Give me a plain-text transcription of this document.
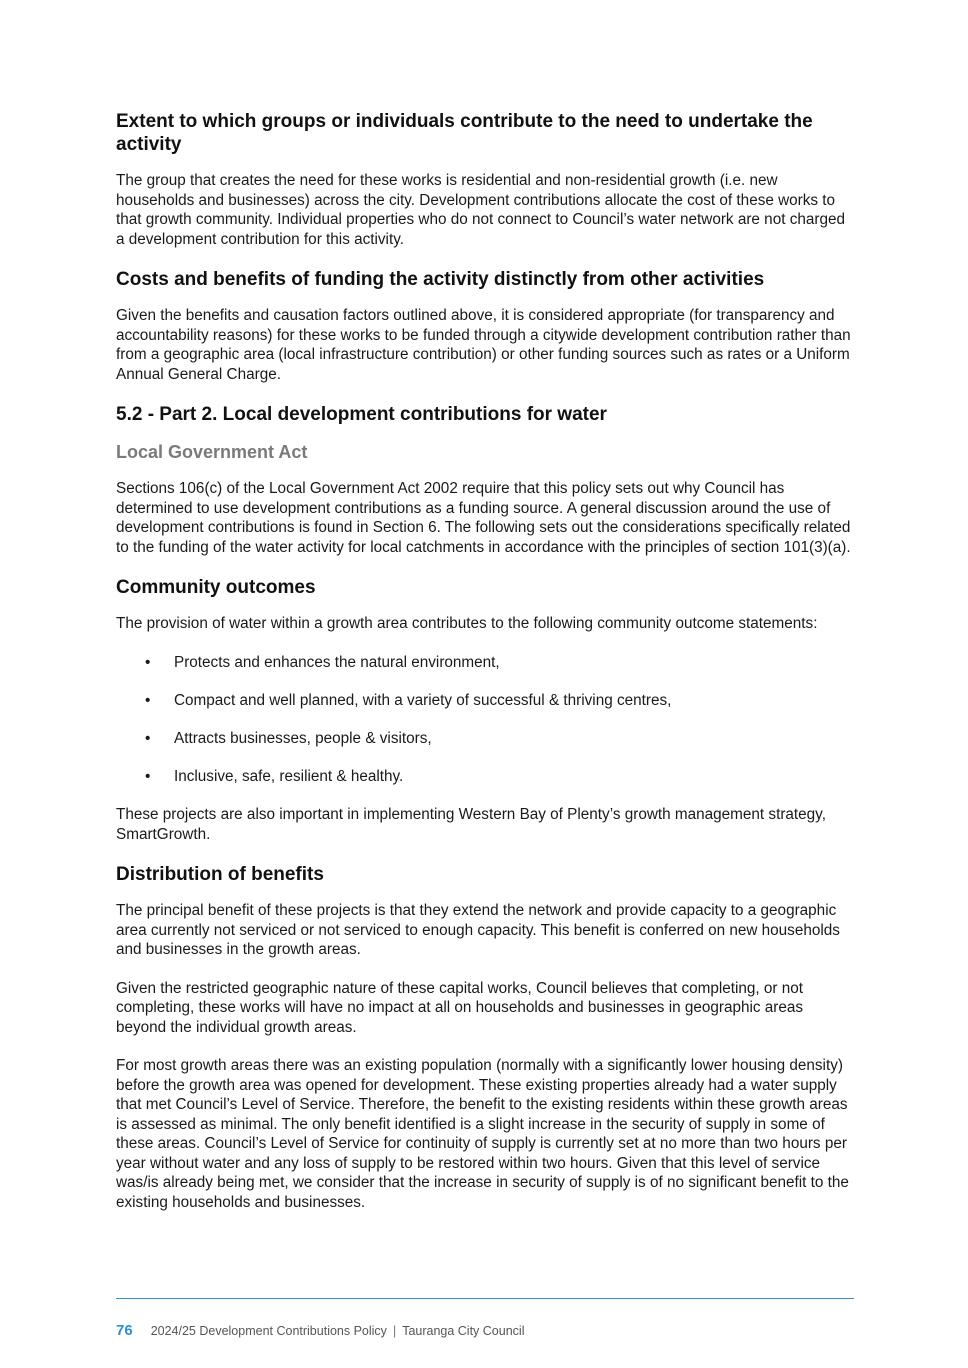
Extent to which groups or individuals contribute to the need to undertake the activity

The group that creates the need for these works is residential and non-residential growth (i.e. new households and businesses) across the city. Development contributions allocate the cost of these works to that growth community. Individual properties who do not connect to Council’s water network are not charged a development contribution for this activity.

Costs and benefits of funding the activity distinctly from other activities

Given the benefits and causation factors outlined above, it is considered appropriate (for transparency and accountability reasons) for these works to be funded through a citywide development contribution rather than from a geographic area (local infrastructure contribution) or other funding sources such as rates or a Uniform Annual General Charge.

5.2 - Part 2. Local development contributions for water
Local Government Act

Sections 106(c) of the Local Government Act 2002 require that this policy sets out why Council has determined to use development contributions as a funding source. A general discussion around the use of development contributions is found in Section 6. The following sets out the considerations specifically related to the funding of the water activity for local catchments in accordance with the principles of section 101(3)(a).

Community outcomes

The provision of water within a growth area contributes to the following community outcome statements:

• Protects and enhances the natural environment,
• Compact and well planned, with a variety of successful & thriving centres,
• Attracts businesses, people & visitors,
• Inclusive, safe, resilient & healthy.

These projects are also important in implementing Western Bay of Plenty’s growth management strategy, SmartGrowth.

Distribution of benefits

The principal benefit of these projects is that they extend the network and provide capacity to a geographic area currently not serviced or not serviced to enough capacity. This benefit is conferred on new households and businesses in the growth areas.

Given the restricted geographic nature of these capital works, Council believes that completing, or not completing, these works will have no impact at all on households and businesses in geographic areas beyond the individual growth areas.

For most growth areas there was an existing population (normally with a significantly lower housing density) before the growth area was opened for development. These existing properties already had a water supply that met Council’s Level of Service. Therefore, the benefit to the existing residents within these growth areas is assessed as minimal. The only benefit identified is a slight increase in the security of supply in some of these areas. Council’s Level of Service for continuity of supply is currently set at no more than two hours per year without water and any loss of supply to be restored within two hours. Given that this level of service was/is already being met, we consider that the increase in security of supply is of no significant benefit to the existing households and businesses.

76 2024/25 Development Contributions Policy | Tauranga City Council
